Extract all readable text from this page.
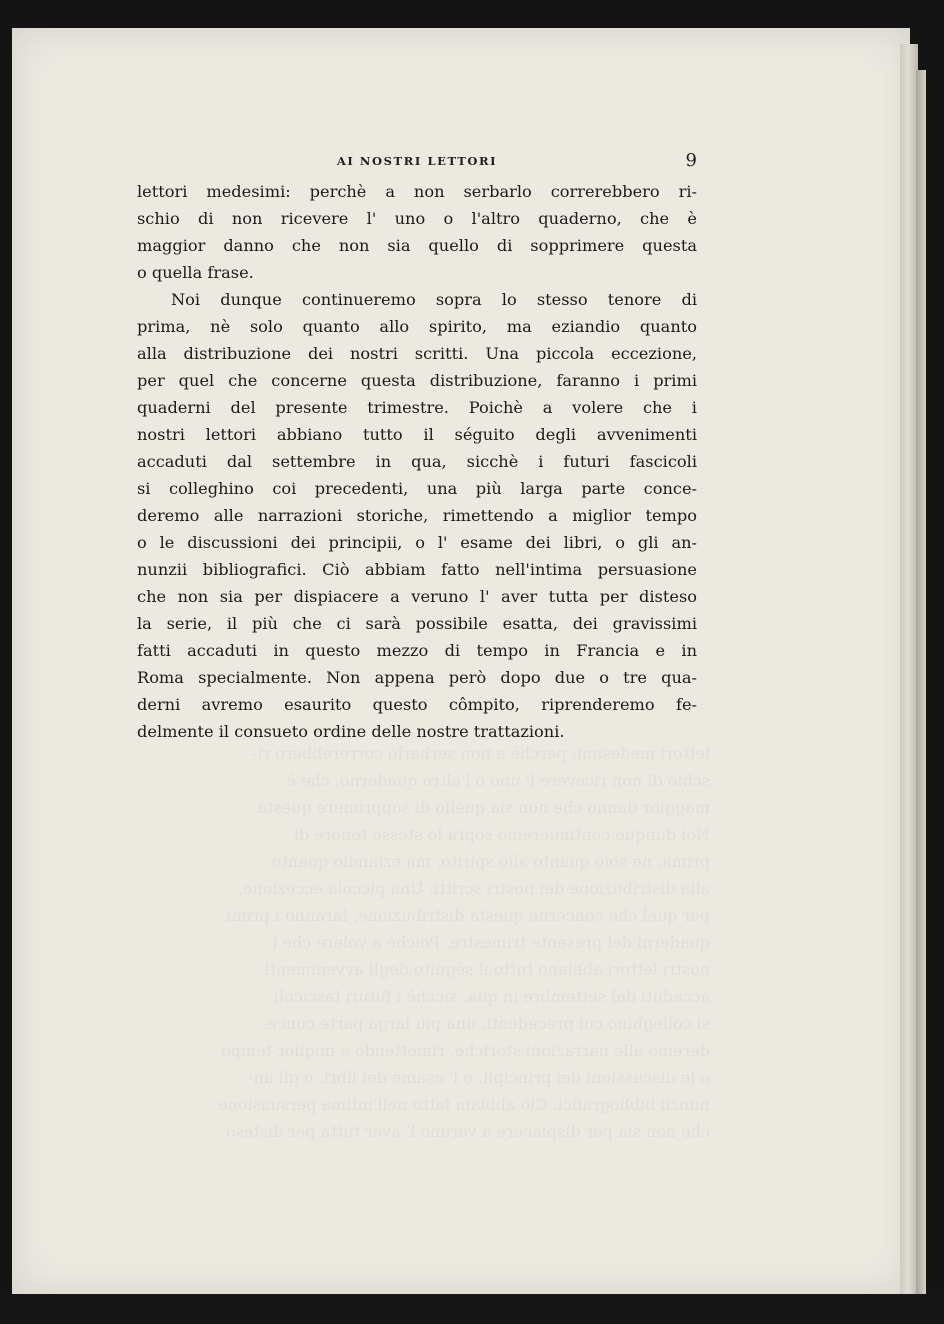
lettori medesimi: perchè a non serbarlo correrebbero ri-
schio di non ricevere l' uno o l'altro quaderno, che è
maggior danno che non sia quello di sopprimere questa
Noi dunque continueremo sopra lo stesso tenore di
prima, nè solo quanto allo spirito, ma eziandio quanto
alla distribuzione dei nostri scritti. Una piccola eccezione,
per quel che concerne questa distribuzione, faranno i primi
quaderni del presente trimestre. Poichè a volere che i
nostri lettori abbiano tutto il séguito degli avvenimenti
accaduti dal settembre in qua, sicchè i futuri fascicoli
si colleghino coi precedenti, una più larga parte conce-
deremo alle narrazioni storiche, rimettendo a miglior tempo
o le discussioni dei principii, o l' esame dei libri, o gli an-
nunzii bibliografici. Ciò abbiam fatto nell'intima persuasione
che non sia per dispiacere a veruno l' aver tutta per disteso
AI NOSTRI LETTORI	9
lettori medesimi: perchè a non serbarlo correrebbero ri-
schio di non ricevere l' uno o l'altro quaderno, che è
maggior danno che non sia quello di sopprimere questa
o quella frase.
Noi dunque continueremo sopra lo stesso tenore di
prima, nè solo quanto allo spirito, ma eziandio quanto
alla distribuzione dei nostri scritti. Una piccola eccezione,
per quel che concerne questa distribuzione, faranno i primi
quaderni del presente trimestre. Poichè a volere che i
nostri lettori abbiano tutto il séguito degli avvenimenti
accaduti dal settembre in qua, sicchè i futuri fascicoli
si colleghino coi precedenti, una più larga parte conce-
deremo alle narrazioni storiche, rimettendo a miglior tempo
o le discussioni dei principii, o l' esame dei libri, o gli an-
nunzii bibliografici. Ciò abbiam fatto nell'intima persuasione
che non sia per dispiacere a veruno l' aver tutta per disteso
la serie, il più che ci sarà possibile esatta, dei gravissimi
fatti accaduti in questo mezzo di tempo in Francia e in
Roma specialmente. Non appena però dopo due o tre qua-
derni avremo esaurito questo cômpito, riprenderemo fe-
delmente il consueto ordine delle nostre trattazioni.
